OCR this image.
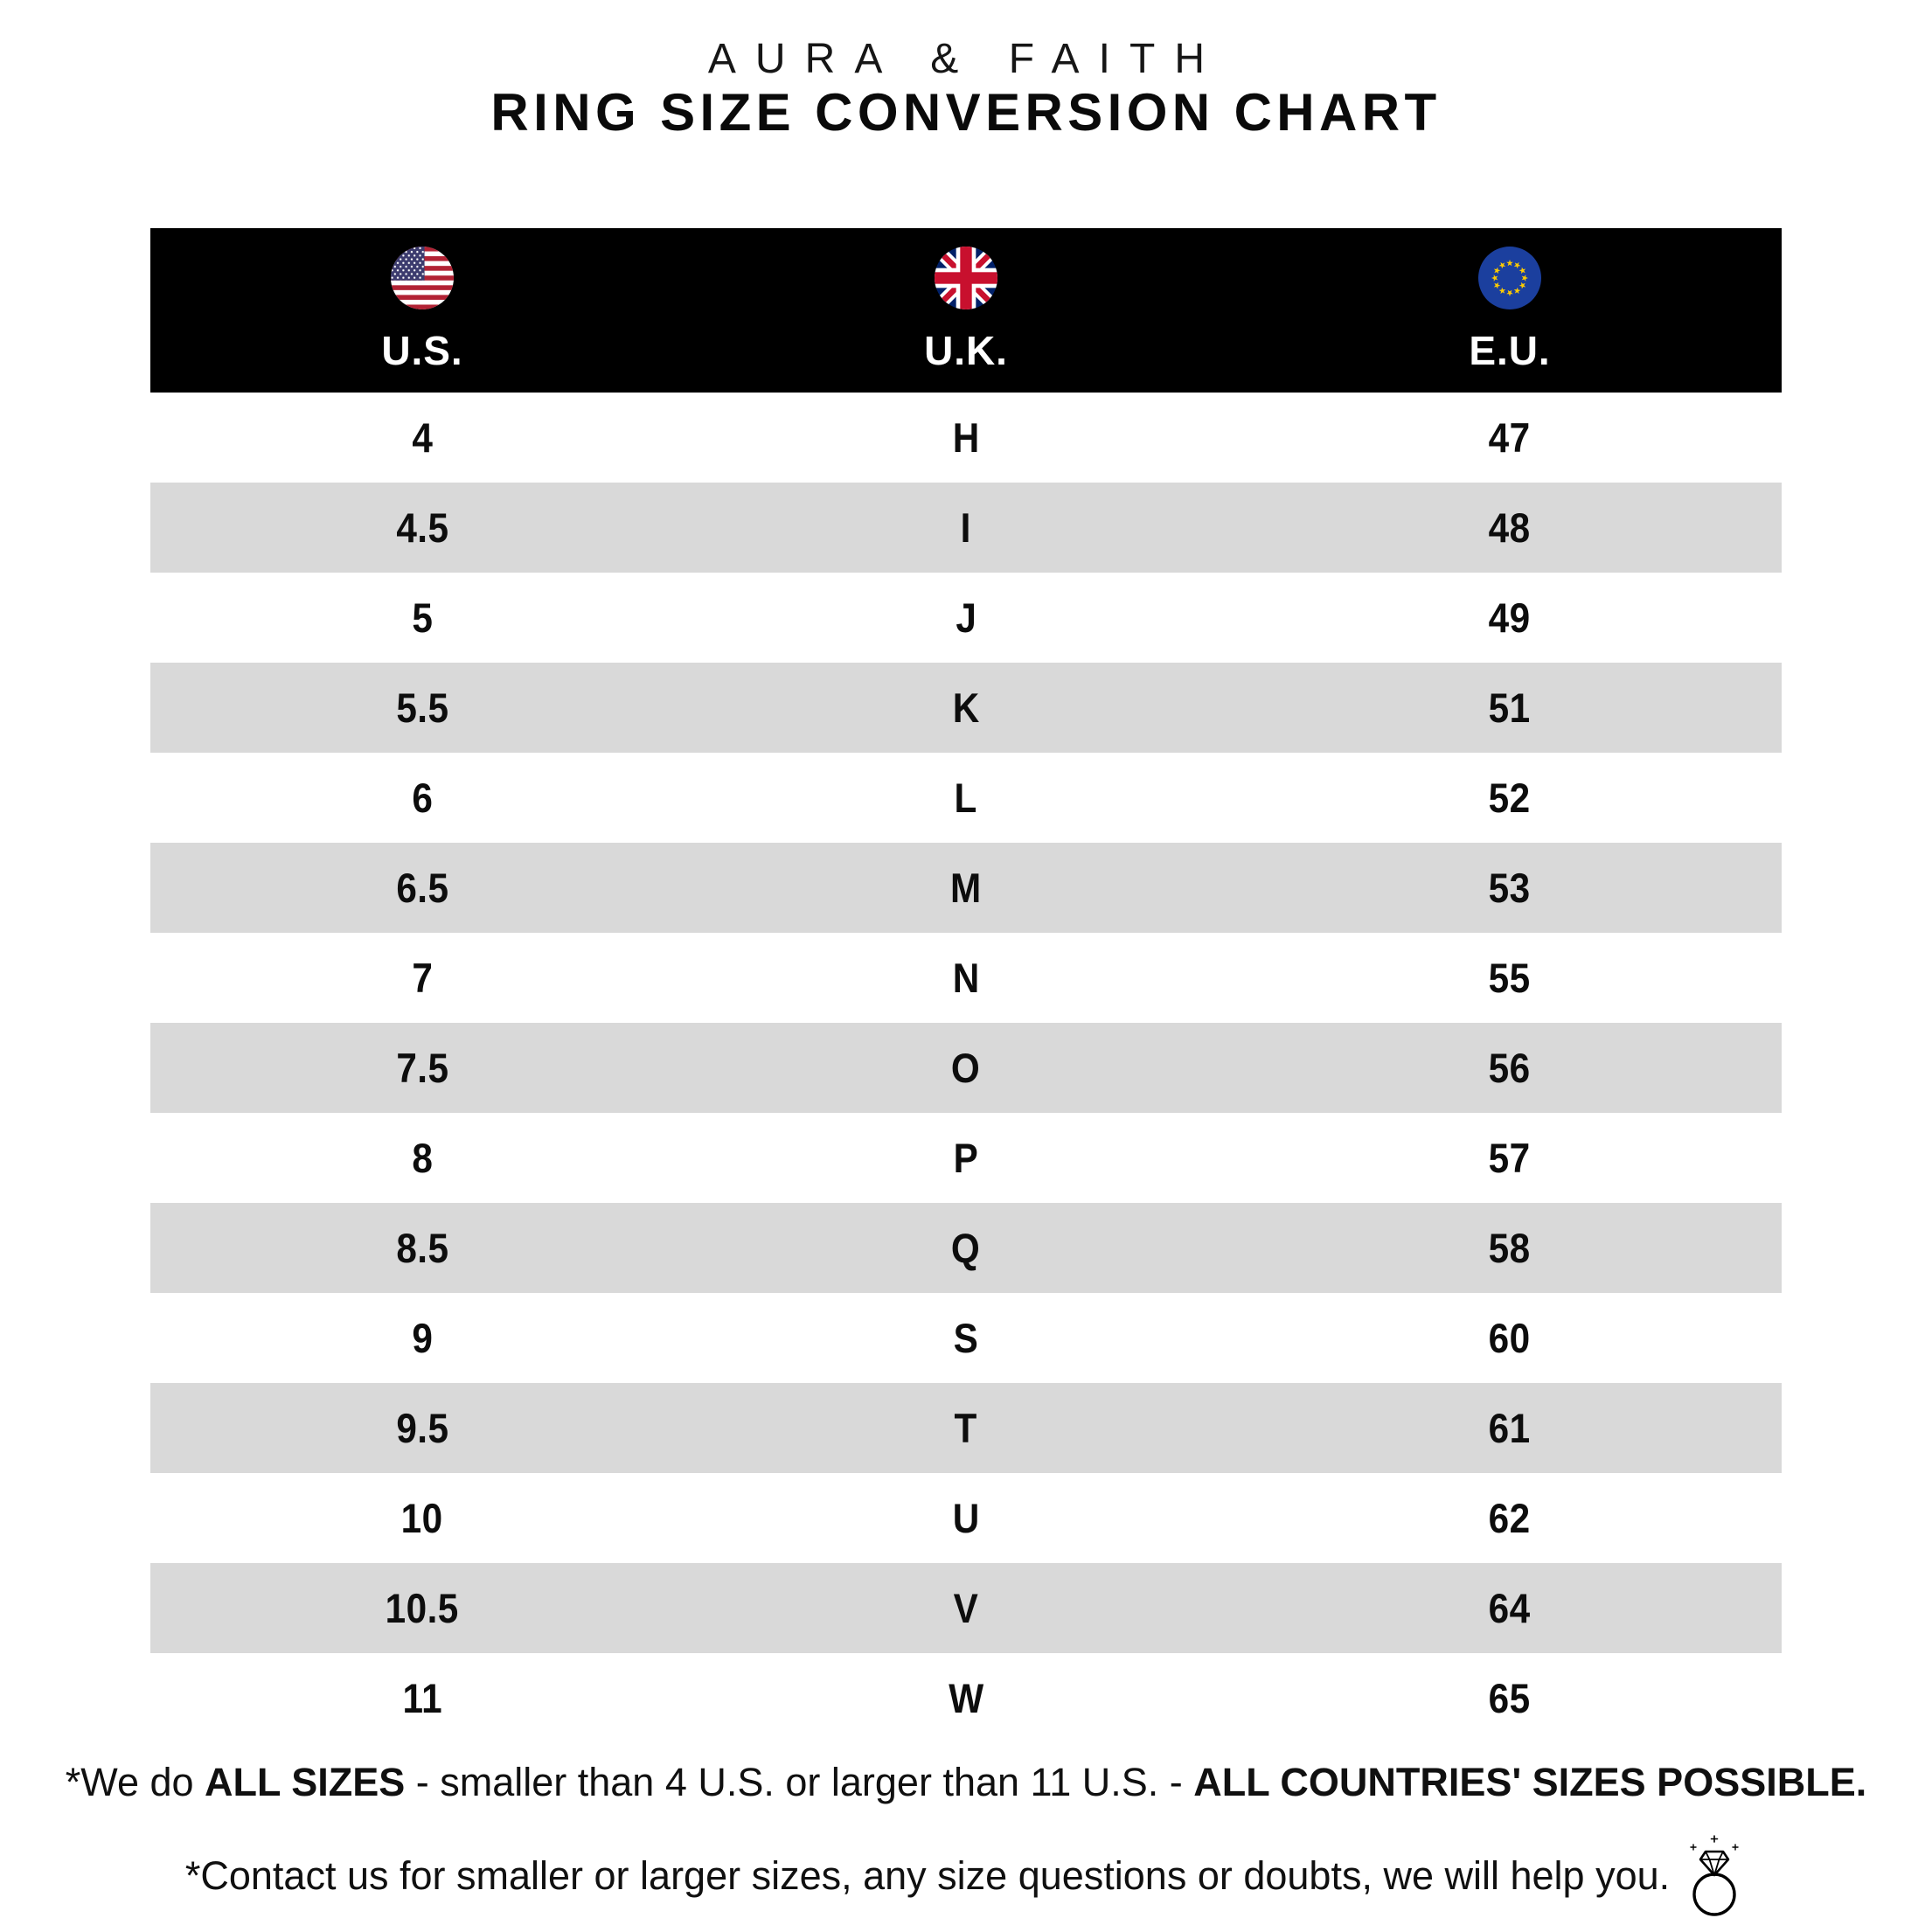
AURA & FAITH
RING SIZE CONVERSION CHART
U.S.	U.K.	E.U.
4	H	47
4.5	I	48
5	J	49
5.5	K	51
6	L	52
6.5	M	53
7	N	55
7.5	O	56
8	P	57
8.5	Q	58
9	S	60
9.5	T	61
10	U	62
10.5	V	64
11	W	65
*We do ALL SIZES - smaller than 4 U.S. or larger than 11 U.S. - ALL COUNTRIES' SIZES POSSIBLE.
*Contact us for smaller or larger sizes, any size questions or doubts, we will help you.
